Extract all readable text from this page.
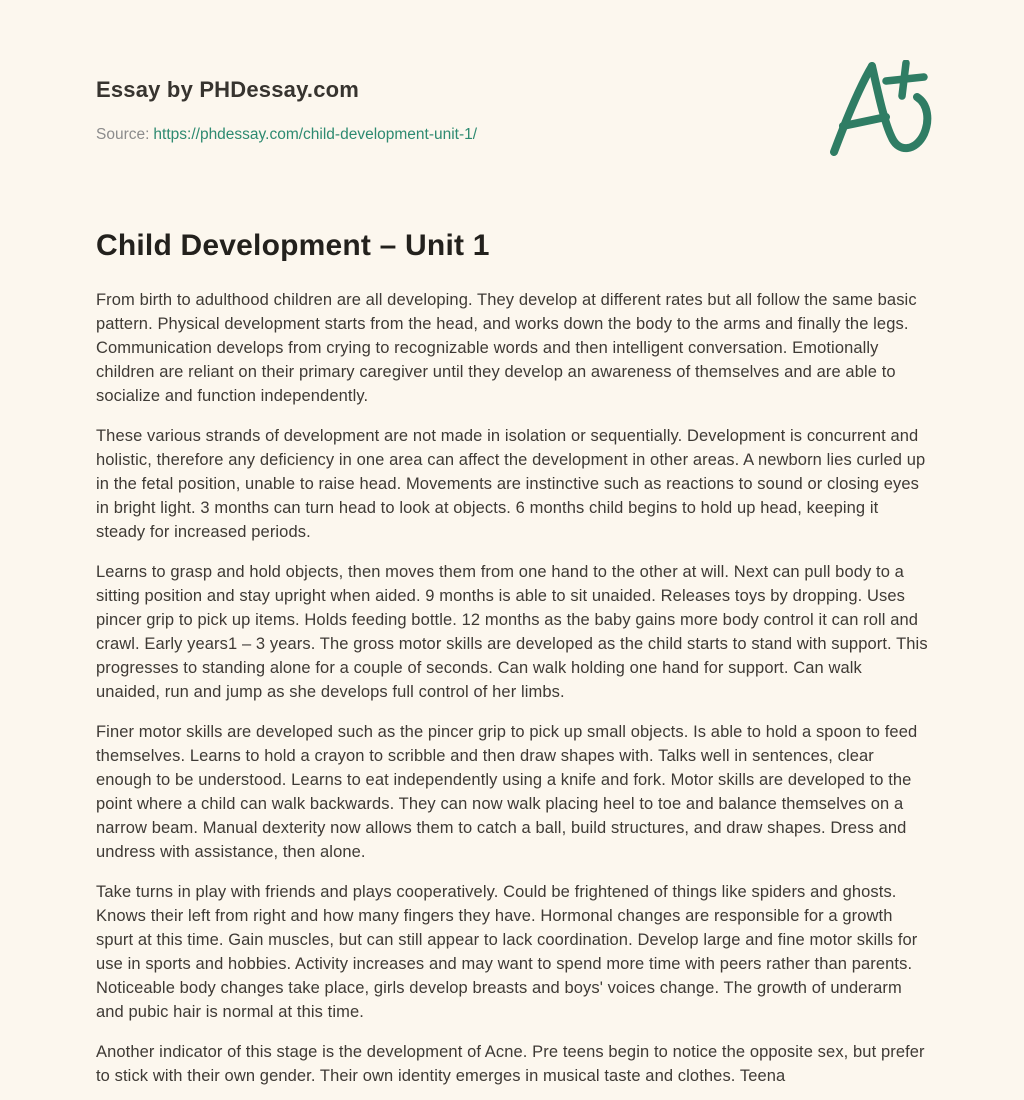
Essay by PHDessay.com
Source: https://phdessay.com/child-development-unit-1/
Child Development – Unit 1

From birth to adulthood children are all developing. They develop at different rates but all follow the same basic pattern. Physical development starts from the head, and works down the body to the arms and finally the legs. Communication develops from crying to recognizable words and then intelligent conversation. Emotionally children are reliant on their primary caregiver until they develop an awareness of themselves and are able to socialize and function independently.

These various strands of development are not made in isolation or sequentially. Development is concurrent and holistic, therefore any deficiency in one area can affect the development in other areas. A newborn lies curled up in the fetal position, unable to raise head. Movements are instinctive such as reactions to sound or closing eyes in bright light. 3 months can turn head to look at objects. 6 months child begins to hold up head, keeping it steady for increased periods.

Learns to grasp and hold objects, then moves them from one hand to the other at will. Next can pull body to a sitting position and stay upright when aided. 9 months is able to sit unaided. Releases toys by dropping. Uses pincer grip to pick up items. Holds feeding bottle. 12 months as the baby gains more body control it can roll and crawl. Early years1 – 3 years. The gross motor skills are developed as the child starts to stand with support. This progresses to standing alone for a couple of seconds. Can walk holding one hand for support. Can walk unaided, run and jump as she develops full control of her limbs.

Finer motor skills are developed such as the pincer grip to pick up small objects. Is able to hold a spoon to feed themselves. Learns to hold a crayon to scribble and then draw shapes with. Talks well in sentences, clear enough to be understood. Learns to eat independently using a knife and fork. Motor skills are developed to the point where a child can walk backwards. They can now walk placing heel to toe and balance themselves on a narrow beam. Manual dexterity now allows them to catch a ball, build structures, and draw shapes. Dress and undress with assistance, then alone.

Take turns in play with friends and plays cooperatively. Could be frightened of things like spiders and ghosts. Knows their left from right and how many fingers they have. Hormonal changes are responsible for a growth spurt at this time. Gain muscles, but can still appear to lack coordination. Develop large and fine motor skills for use in sports and hobbies. Activity increases and may want to spend more time with peers rather than parents. Noticeable body changes take place, girls develop breasts and boys' voices change. The growth of underarm and pubic hair is normal at this time.

Another indicator of this stage is the development of Acne. Pre teens begin to notice the opposite sex, but prefer to stick with their own gender. Their own identity emerges in musical taste and clothes. Teena
